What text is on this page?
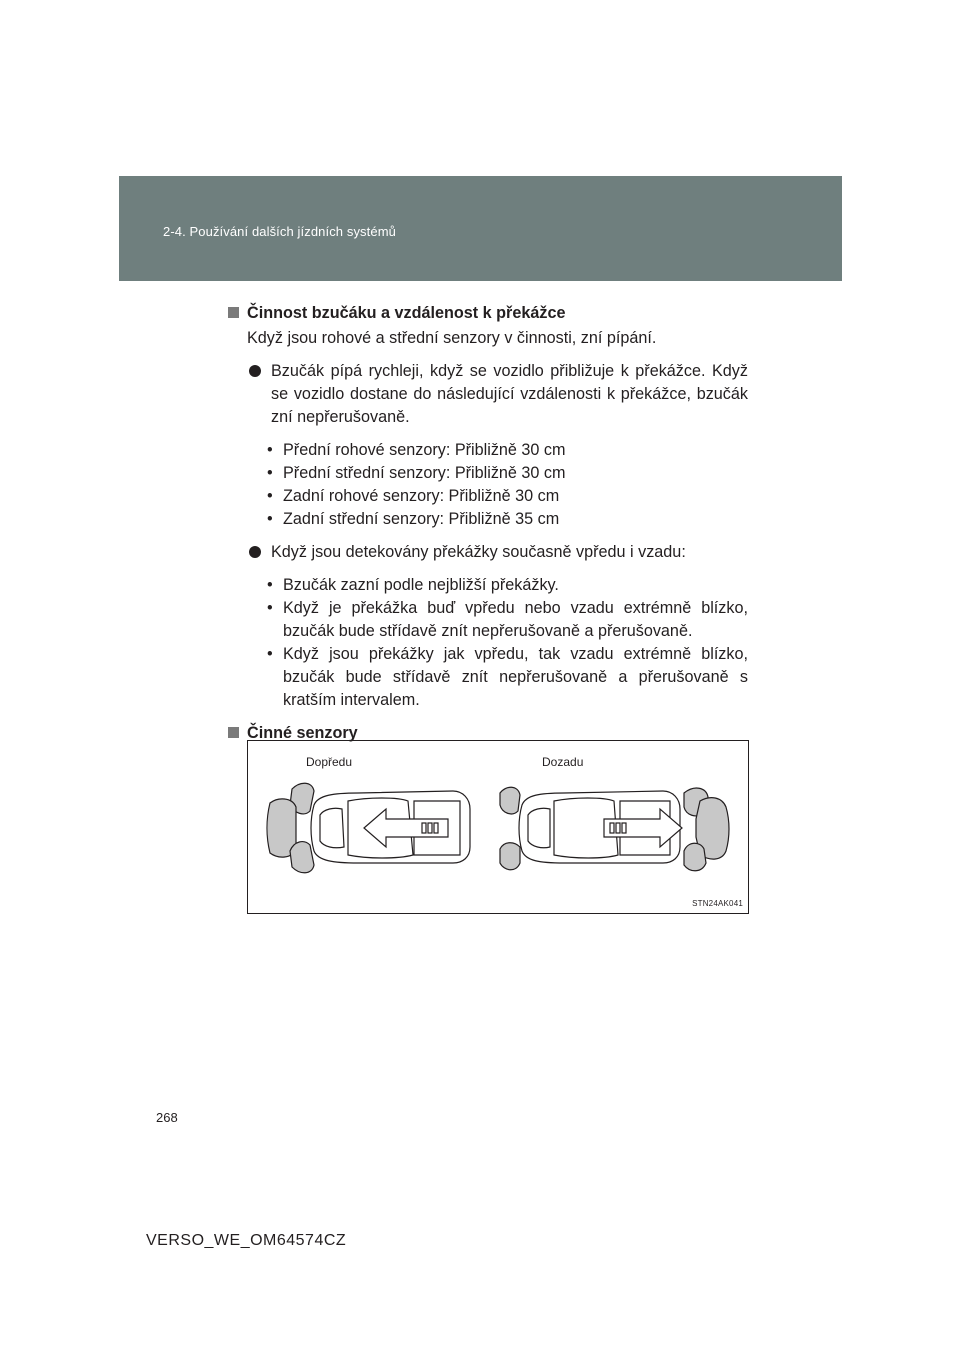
2-4. Používání dalších jízdních systémů

Činnost bzučáku a vzdálenost k překážce

Když jsou rohové a střední senzory v činnosti, zní pípání.

Bzučák pípá rychleji, když se vozidlo přibližuje k překážce. Když se vozidlo dostane do následující vzdálenosti k překážce, bzučák zní nepřerušovaně.
• Přední rohové senzory: Přibližně 30 cm
• Přední střední senzory: Přibližně 30 cm
• Zadní rohové senzory: Přibližně 30 cm
• Zadní střední senzory: Přibližně 35 cm
Když jsou detekovány překážky současně vpředu i vzadu:
• Bzučák zazní podle nejbližší překážky.
• Když je překážka buď vpředu nebo vzadu extrémně blízko, bzučák bude střídavě znít nepřerušovaně a přerušovaně.
• Když jsou překážky jak vpředu, tak vzadu extrémně blízko, bzučák bude střídavě znít nepřerušovaně a přerušovaně s kratším intervalem.

Činné senzory

Dopředu	Dozadu
STN24AK041
268
VERSO_WE_OM64574CZ
